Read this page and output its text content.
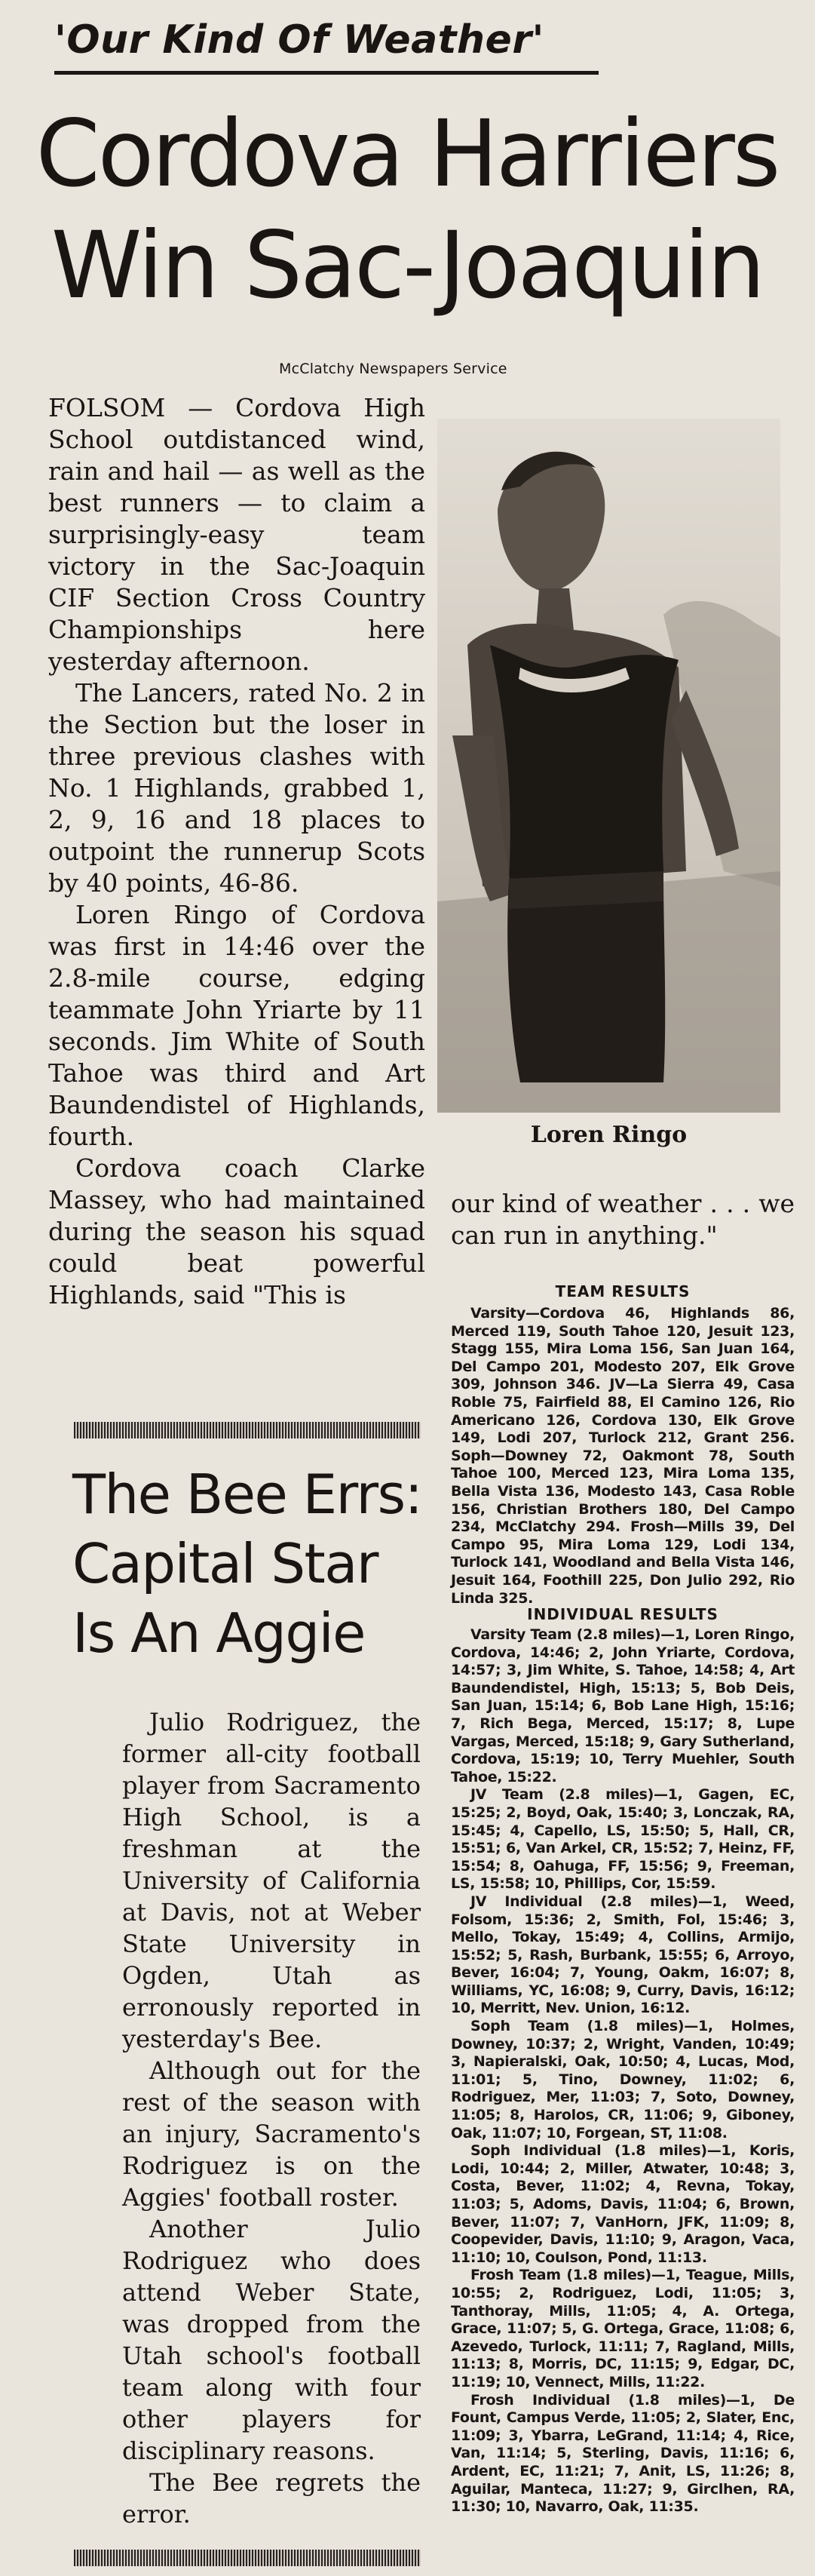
'Our Kind Of Weather'
Cordova Harriers
Win Sac-Joaquin
McClatchy Newspapers Service

FOLSOM — Cordova High School outdistanced wind, rain and hail — as well as the best runners — to claim a surprisingly-easy team victory in the Sac-Joaquin CIF Section Cross Country Championships here yesterday afternoon.

The Lancers, rated No. 2 in the Section but the loser in three previous clashes with No. 1 Highlands, grabbed 1, 2, 9, 16 and 18 places to outpoint the runnerup Scots by 40 points, 46-86.

Loren Ringo of Cordova was first in 14:46 over the 2.8-mile course, edging teammate John Yriarte by 11 seconds. Jim White of South Tahoe was third and Art Baundendistel of Highlands, fourth.

Cordova coach Clarke Massey, who had maintained during the season his squad could beat powerful Highlands, said "This is

Loren Ringo

our kind of weather . . . we can run in anything."

TEAM RESULTS
Varsity—Cordova 46, Highlands 86, Merced 119, South Tahoe 120, Jesuit 123, Stagg 155, Mira Loma 156, San Juan 164, Del Campo 201, Modesto 207, Elk Grove 309, Johnson 346. JV—La Sierra 49, Casa Roble 75, Fairfield 88, El Camino 126, Rio Americano 126, Cordova 130, Elk Grove 149, Lodi 207, Turlock 212, Grant 256. Soph—Downey 72, Oakmont 78, South Tahoe 100, Merced 123, Mira Loma 135, Bella Vista 136, Modesto 143, Casa Roble 156, Christian Brothers 180, Del Campo 234, McClatchy 294. Frosh—Mills 39, Del Campo 95, Mira Loma 129, Lodi 134, Turlock 141, Woodland and Bella Vista 146, Jesuit 164, Foothill 225, Don Julio 292, Rio Linda 325.
INDIVIDUAL RESULTS
Varsity Team (2.8 miles)—1, Loren Ringo, Cordova, 14:46; 2, John Yriarte, Cordova, 14:57; 3, Jim White, S. Tahoe, 14:58; 4, Art Baundendistel, High, 15:13; 5, Bob Deis, San Juan, 15:14; 6, Bob Lane High, 15:16; 7, Rich Bega, Merced, 15:17; 8, Lupe Vargas, Merced, 15:18; 9, Gary Sutherland, Cordova, 15:19; 10, Terry Muehler, South Tahoe, 15:22.
JV Team (2.8 miles)—1, Gagen, EC, 15:25; 2, Boyd, Oak, 15:40; 3, Lonczak, RA, 15:45; 4, Capello, LS, 15:50; 5, Hall, CR, 15:51; 6, Van Arkel, CR, 15:52; 7, Heinz, FF, 15:54; 8, Oahuga, FF, 15:56; 9, Freeman, LS, 15:58; 10, Phillips, Cor, 15:59.
JV Individual (2.8 miles)—1, Weed, Folsom, 15:36; 2, Smith, Fol, 15:46; 3, Mello, Tokay, 15:49; 4, Collins, Armijo, 15:52; 5, Rash, Burbank, 15:55; 6, Arroyo, Bever, 16:04; 7, Young, Oakm, 16:07; 8, Williams, YC, 16:08; 9, Curry, Davis, 16:12; 10, Merritt, Nev. Union, 16:12.
Soph Team (1.8 miles)—1, Holmes, Downey, 10:37; 2, Wright, Vanden, 10:49; 3, Napieralski, Oak, 10:50; 4, Lucas, Mod, 11:01; 5, Tino, Downey, 11:02; 6, Rodriguez, Mer, 11:03; 7, Soto, Downey, 11:05; 8, Harolos, CR, 11:06; 9, Giboney, Oak, 11:07; 10, Forgean, ST, 11:08.
Soph Individual (1.8 miles)—1, Koris, Lodi, 10:44; 2, Miller, Atwater, 10:48; 3, Costa, Bever, 11:02; 4, Revna, Tokay, 11:03; 5, Adoms, Davis, 11:04; 6, Brown, Bever, 11:07; 7, VanHorn, JFK, 11:09; 8, Coopevider, Davis, 11:10; 9, Aragon, Vaca, 11:10; 10, Coulson, Pond, 11:13.
Frosh Team (1.8 miles)—1, Teague, Mills, 10:55; 2, Rodriguez, Lodi, 11:05; 3, Tanthoray, Mills, 11:05; 4, A. Ortega, Grace, 11:07; 5, G. Ortega, Grace, 11:08; 6, Azevedo, Turlock, 11:11; 7, Ragland, Mills, 11:13; 8, Morris, DC, 11:15; 9, Edgar, DC, 11:19; 10, Vennect, Mills, 11:22.
Frosh Individual (1.8 miles)—1, De Fount, Campus Verde, 11:05; 2, Slater, Enc, 11:09; 3, Ybarra, LeGrand, 11:14; 4, Rice, Van, 11:14; 5, Sterling, Davis, 11:16; 6, Ardent, EC, 11:21; 7, Anit, LS, 11:26; 8, Aguilar, Manteca, 11:27; 9, Girclhen, RA, 11:30; 10, Navarro, Oak, 11:35.
The Bee Errs:
Capital Star
Is An Aggie

Julio Rodriguez, the former all-city football player from Sacramento High School, is a freshman at the University of California at Davis, not at Weber State University in Ogden, Utah as erronously reported in yesterday's Bee.

Although out for the rest of the season with an injury, Sacramento's Rodriguez is on the Aggies' football roster.

Another Julio Rodriguez who does attend Weber State, was dropped from the Utah school's football team along with four other players for disciplinary reasons.

The Bee regrets the error.
